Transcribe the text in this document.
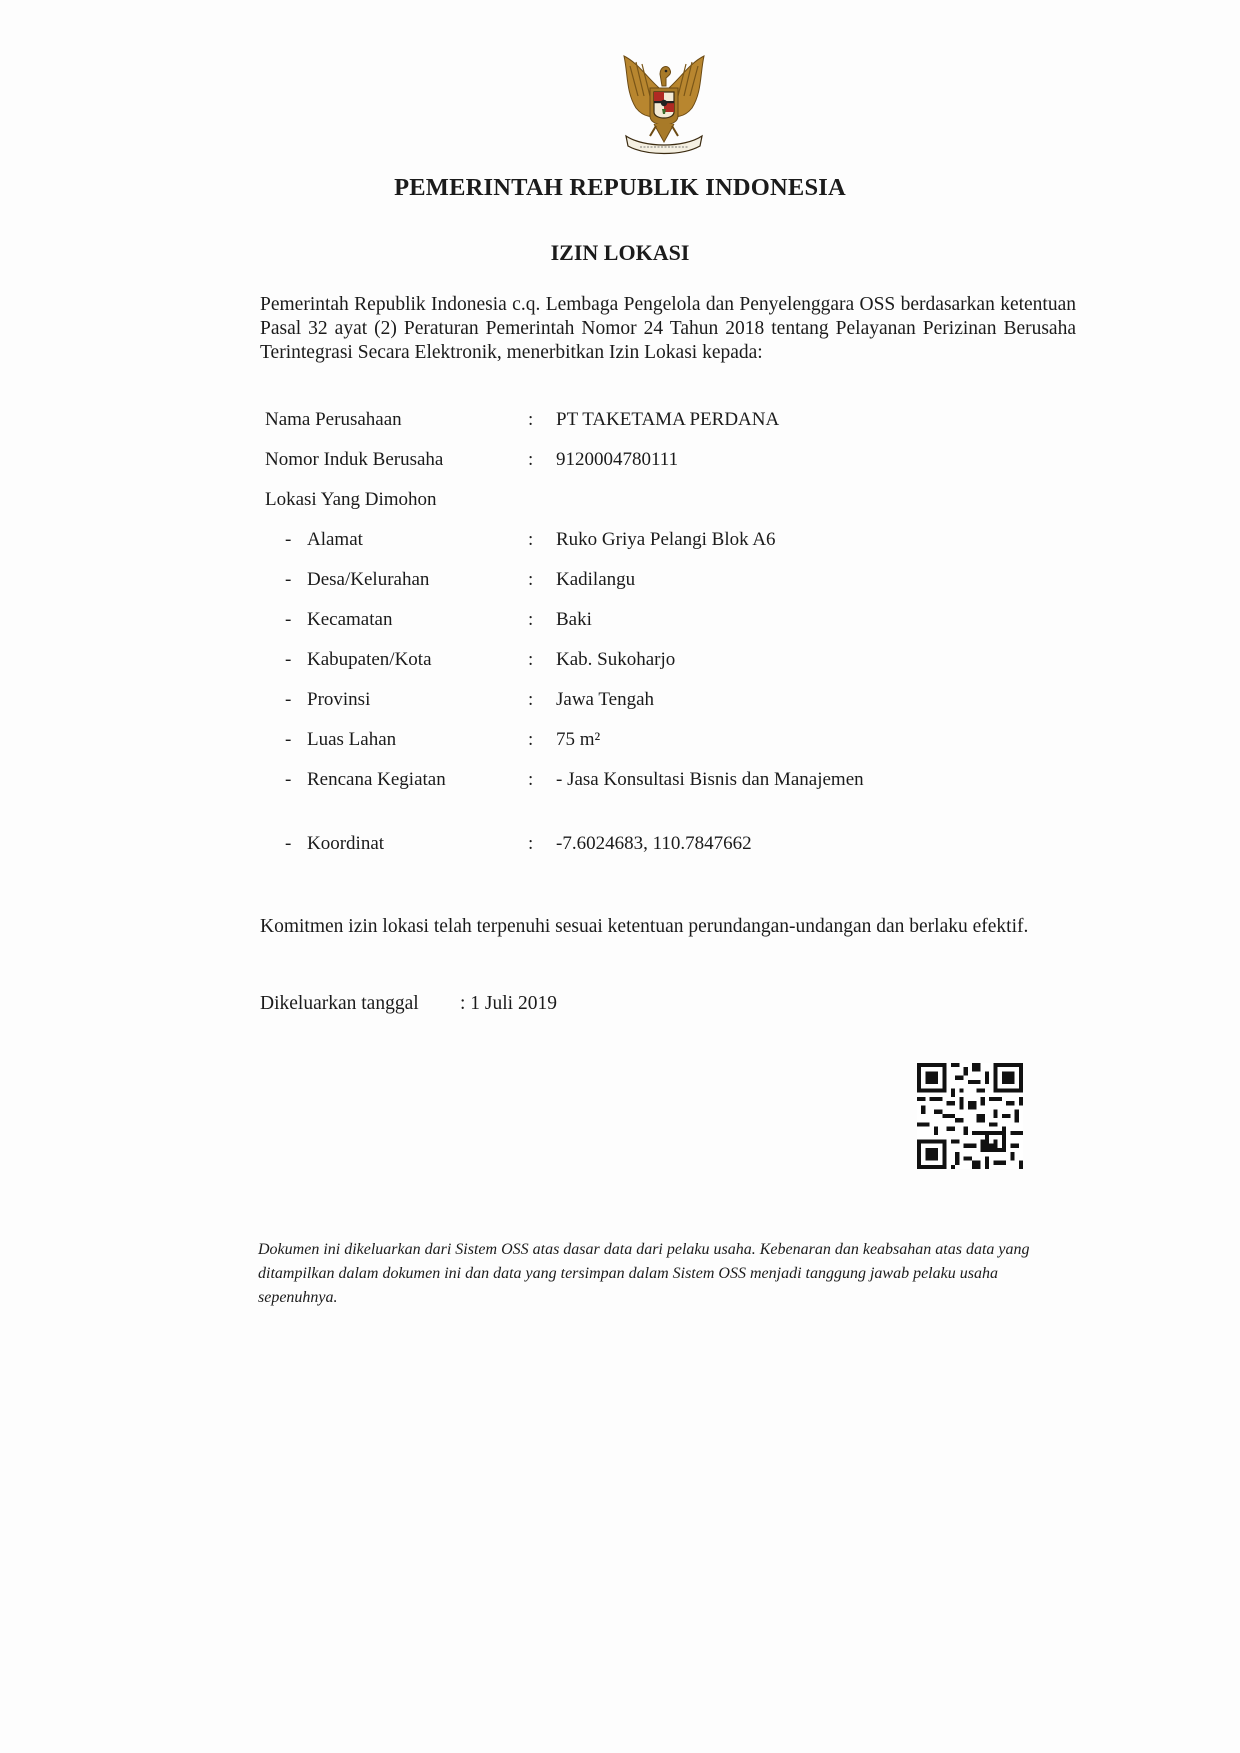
PEMERINTAH REPUBLIK INDONESIA
IZIN LOKASI

Pemerintah Republik Indonesia c.q. Lembaga Pengelola dan Penyelenggara OSS berdasarkan ketentuan Pasal 32 ayat (2) Peraturan Pemerintah Nomor 24 Tahun 2018 tentang Pelayanan Perizinan Berusaha Terintegrasi Secara Elektronik, menerbitkan Izin Lokasi kepada:

Nama Perusahaan	:	PT TAKETAMA PERDANA
Nomor Induk Berusaha	:	9120004780111
Lokasi Yang Dimohon		
- Alamat	:	Ruko Griya Pelangi Blok A6
- Desa/Kelurahan	:	Kadilangu
- Kecamatan	:	Baki
- Kabupaten/Kota	:	Kab. Sukoharjo
- Provinsi	:	Jawa Tengah
- Luas Lahan	:	75 m²
- Rencana Kegiatan	:	- Jasa Konsultasi Bisnis dan Manajemen

- Koordinat	:	-7.6024683, 110.7847662

Komitmen izin lokasi telah terpenuhi sesuai ketentuan perundangan-undangan dan berlaku efektif.

Dikeluarkan tanggal : 1 Juli 2019

Dokumen ini dikeluarkan dari Sistem OSS atas dasar data dari pelaku usaha. Kebenaran dan keabsahan atas data yang ditampilkan dalam dokumen ini dan data yang tersimpan dalam Sistem OSS menjadi tanggung jawab pelaku usaha sepenuhnya.
